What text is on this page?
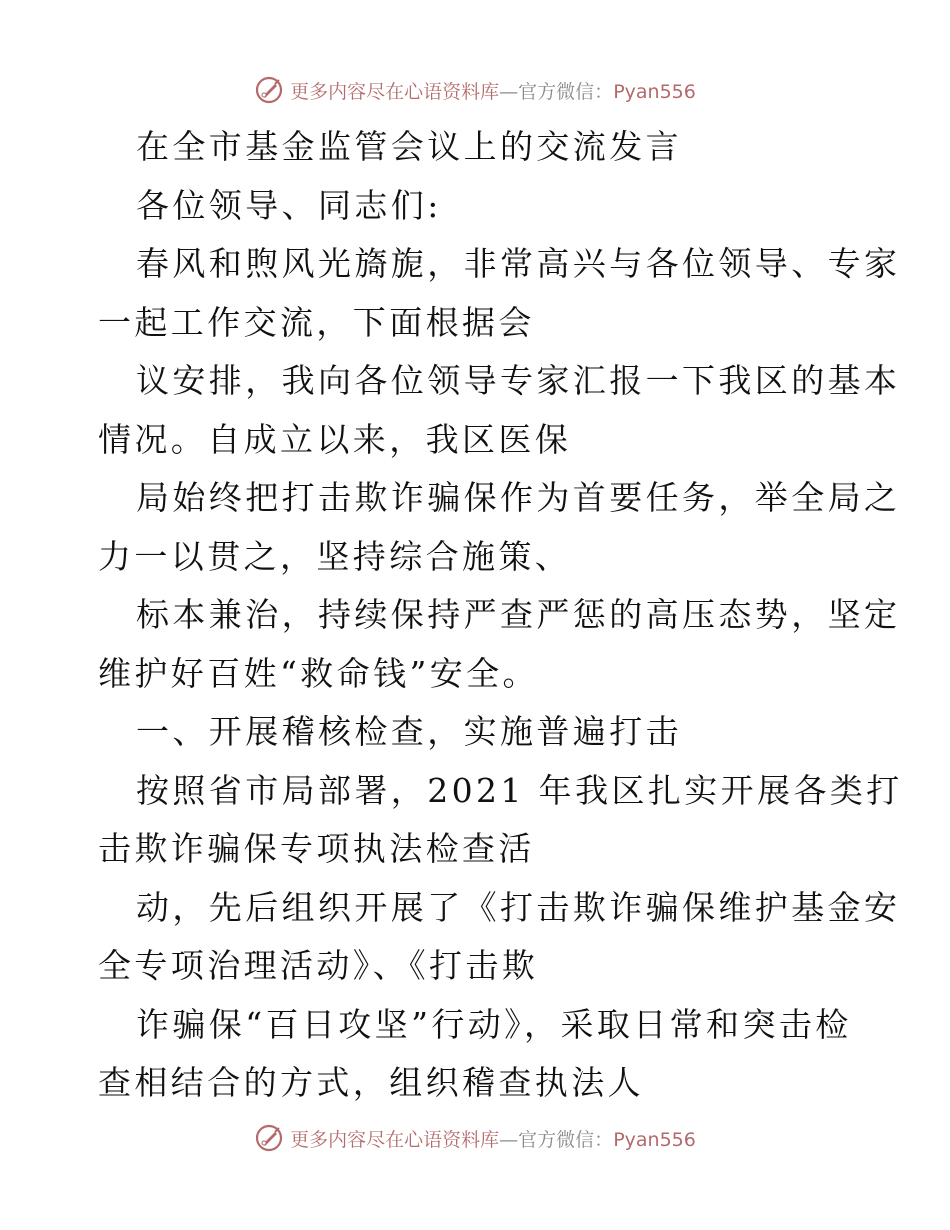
更多内容尽在心语资料库—官方微信：Pyan556
在全市基金监管会议上的交流发言
各位领导、同志们:
春风和煦风光旖旎，非常高兴与各位领导、专家
一起工作交流，下面根据会
议安排，我向各位领导专家汇报一下我区的基本
情况。自成立以来，我区医保
局始终把打击欺诈骗保作为首要任务，举全局之
力一以贯之，坚持综合施策、
标本兼治，持续保持严查严惩的高压态势，坚定
维护好百姓“救命钱”安全。
一、开展稽核检查，实施普遍打击
按照省市局部署，2021 年我区扎实开展各类打
击欺诈骗保专项执法检查活
动，先后组织开展了《打击欺诈骗保维护基金安
全专项治理活动》、《打击欺
诈骗保“百日攻坚”行动》，采取日常和突击检
查相结合的方式，组织稽查执法人
更多内容尽在心语资料库—官方微信：Pyan556
